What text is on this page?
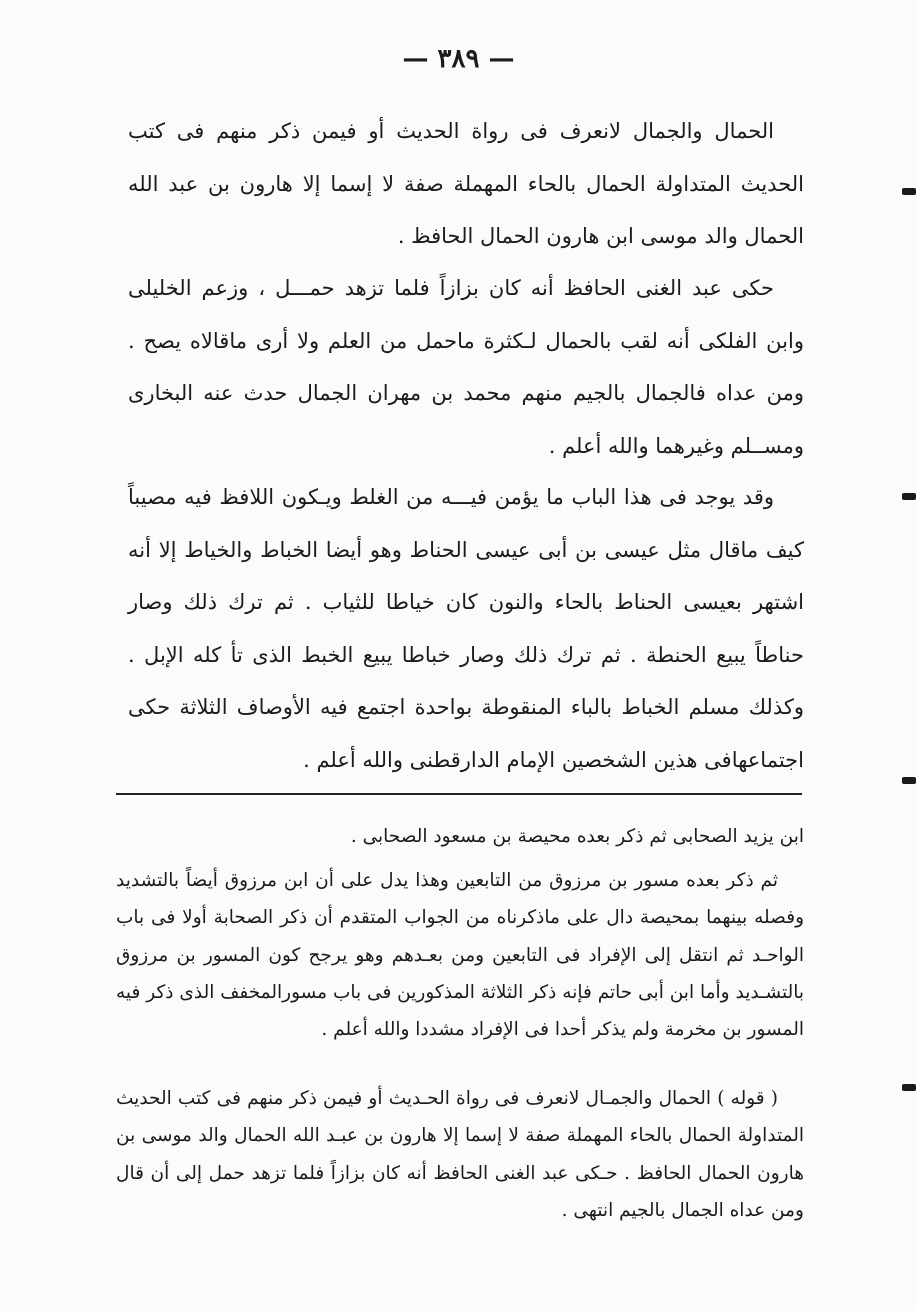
— ٣٨٩ —

الحمال والجمال لانعرف فى رواة الحديث أو فيمن ذكر منهم فى كتب الحديث المتداولة الحمال بالحاء المهملة صفة لا إسما إلا هارون بن عبد الله الحمال والد موسى ابن هارون الحمال الحافظ .

حكى عبد الغنى الحافظ أنه كان بزازاً فلما تزهد حمـــل ، وزعم الخليلى وابن الفلكى أنه لقب بالحمال لـكثرة ماحمل من العلم ولا أرى ماقالاه يصح . ومن عداه فالجمال بالجيم منهم محمد بن مهران الجمال حدث عنه البخارى ومســلم وغيرهما والله أعلم .

وقد يوجد فى هذا الباب ما يؤمن فيـــه من الغلط ويـكون اللافظ فيه مصيباً كيف ماقال مثل عيسى بن أبى عيسى الحناط وهو أيضا الخباط والخياط إلا أنه اشتهر بعيسى الحناط بالحاء والنون كان خياطا للثياب . ثم ترك ذلك وصار حناطاً يبيع الحنطة . ثم ترك ذلك وصار خباطا يبيع الخبط الذى تأ كله الإبل . وكذلك مسلم الخباط بالباء المنقوطة بواحدة اجتمع فيه الأوصاف الثلاثة حكى اجتماعهافى هذين الشخصين الإمام الدارقطنى والله أعلم .

ابن يزيد الصحابى ثم ذكر بعده محيصة بن مسعود الصحابى .

ثم ذكر بعده مسور بن مرزوق من التابعين وهذا يدل على أن ابن مرزوق أيضاً بالتشديد وفصله بينهما بمحيصة دال على ماذكرناه من الجواب المتقدم أن ذكر الصحابة أولا فى باب الواحـد ثم انتقل إلى الإفراد فى التابعين ومن بعـدهم وهو يرجح كون المسور بن مرزوق بالتشـديد وأما ابن أبى حاتم فإنه ذكر الثلاثة المذكورين فى باب مسورالمخفف الذى ذكر فيه المسور بن مخرمة ولم يذكر أحدا فى الإفراد مشددا والله أعلم .

( قوله ) الحمال والجمـال لانعرف فى رواة الحـديث أو فيمن ذكر منهم فى كتب الحديث المتداولة الحمال بالحاء المهملة صفة لا إسما إلا هارون بن عبـد الله الحمال والد موسى بن هارون الحمال الحافظ . حـكى عبد الغنى الحافظ أنه كان بزازاً فلما تزهد حمل إلى أن قال ومن عداه الجمال بالجيم انتهى .
